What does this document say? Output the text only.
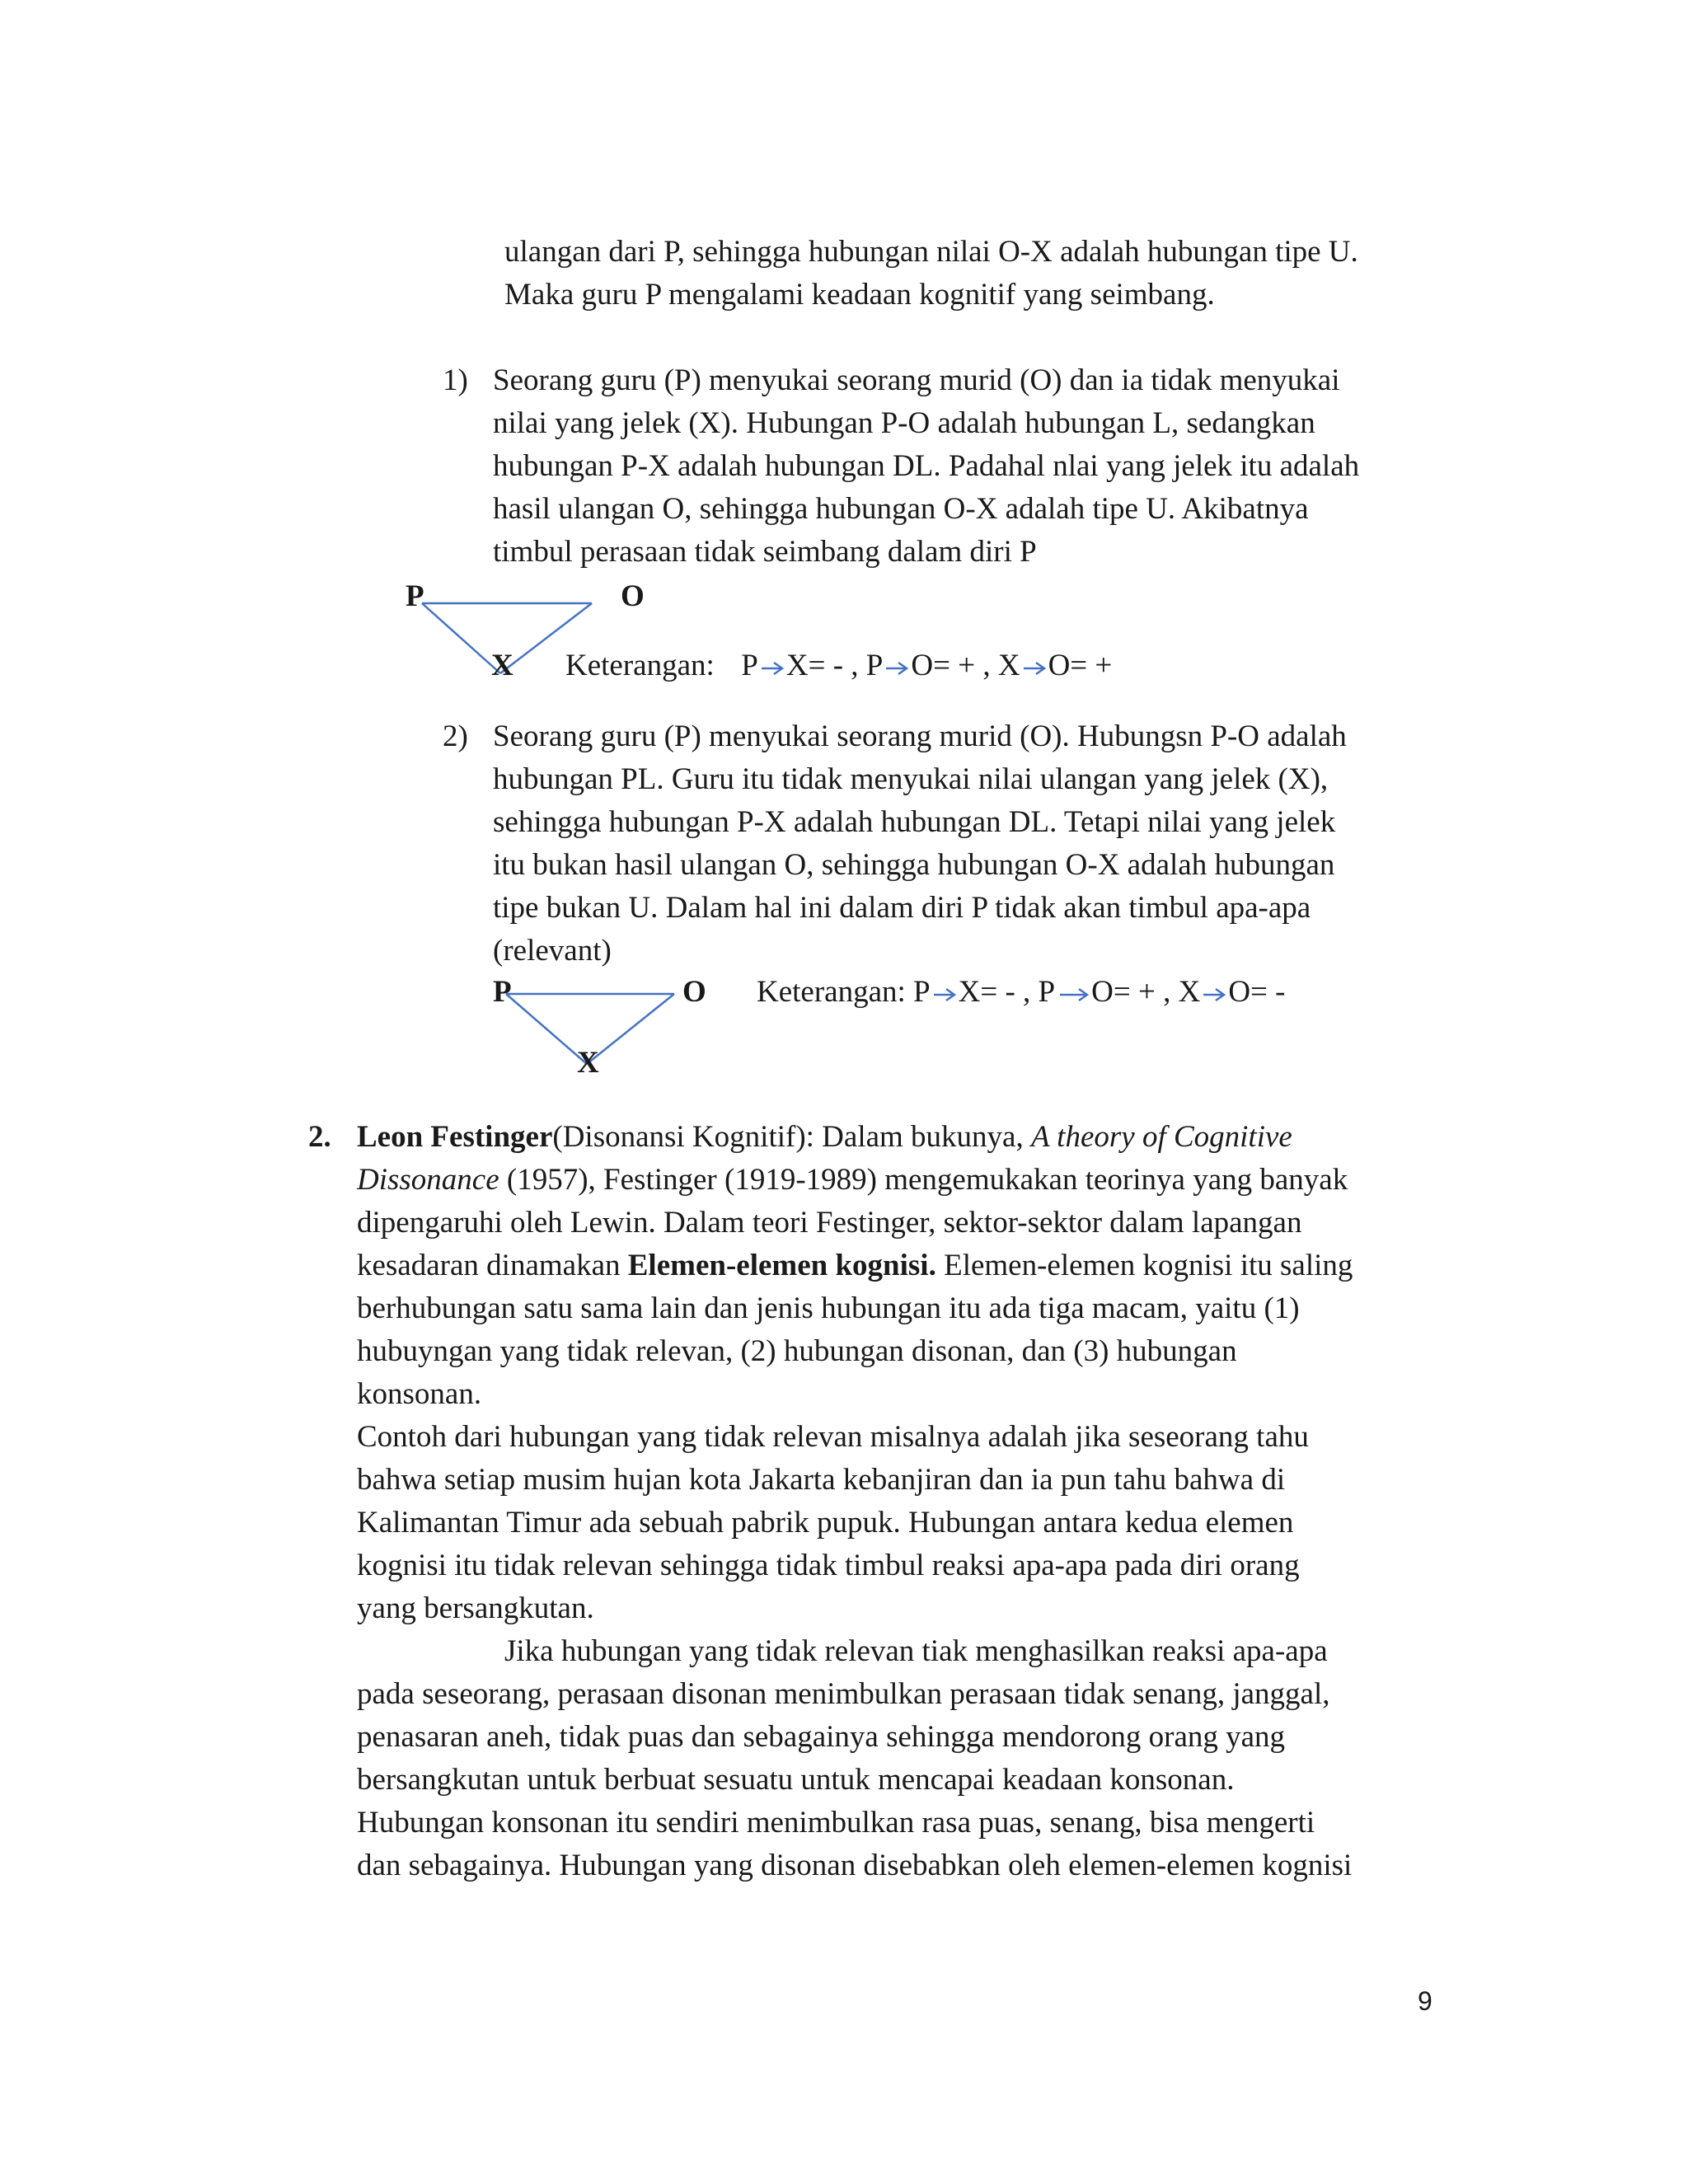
ulangan dari P, sehingga hubungan nilai O-X adalah hubungan tipe U.
Maka guru P mengalami keadaan kognitif yang seimbang.
1) Seorang guru (P) menyukai seorang murid (O) dan ia tidak menyukai
nilai yang jelek (X). Hubungan P-O adalah hubungan L, sedangkan
hubungan P-X adalah hubungan DL. Padahal nlai yang jelek itu adalah
hasil ulangan O, sehingga hubungan O-X adalah tipe U. Akibatnya
timbul perasaan tidak seimbang dalam diri P
P	O
X Keterangan: P X= - , P O= + , X O= +
2) Seorang guru (P) menyukai seorang murid (O). Hubungsn P-O adalah
hubungan PL. Guru itu tidak menyukai nilai ulangan yang jelek (X),
sehingga hubungan P-X adalah hubungan DL. Tetapi nilai yang jelek
itu bukan hasil ulangan O, sehingga hubungan O-X adalah hubungan
tipe bukan U. Dalam hal ini dalam diri P tidak akan timbul apa-apa
(relevant)
P	O
X
Keterangan: P X= - , P O= + , X O= -
2. Leon Festinger(Disonansi Kognitif): Dalam bukunya, A theory of Cognitive
Dissonance (1957), Festinger (1919-1989) mengemukakan teorinya yang banyak
dipengaruhi oleh Lewin. Dalam teori Festinger, sektor-sektor dalam lapangan
kesadaran dinamakan Elemen-elemen kognisi. Elemen-elemen kognisi itu saling
berhubungan satu sama lain dan jenis hubungan itu ada tiga macam, yaitu (1)
hubuyngan yang tidak relevan, (2) hubungan disonan, dan (3) hubungan
konsonan.
Contoh dari hubungan yang tidak relevan misalnya adalah jika seseorang tahu
bahwa setiap musim hujan kota Jakarta kebanjiran dan ia pun tahu bahwa di
Kalimantan Timur ada sebuah pabrik pupuk. Hubungan antara kedua elemen
kognisi itu tidak relevan sehingga tidak timbul reaksi apa-apa pada diri orang
yang bersangkutan.
Jika hubungan yang tidak relevan tiak menghasilkan reaksi apa-apa
pada seseorang, perasaan disonan menimbulkan perasaan tidak senang, janggal,
penasaran aneh, tidak puas dan sebagainya sehingga mendorong orang yang
bersangkutan untuk berbuat sesuatu untuk mencapai keadaan konsonan.
Hubungan konsonan itu sendiri menimbulkan rasa puas, senang, bisa mengerti
dan sebagainya. Hubungan yang disonan disebabkan oleh elemen-elemen kognisi
9
